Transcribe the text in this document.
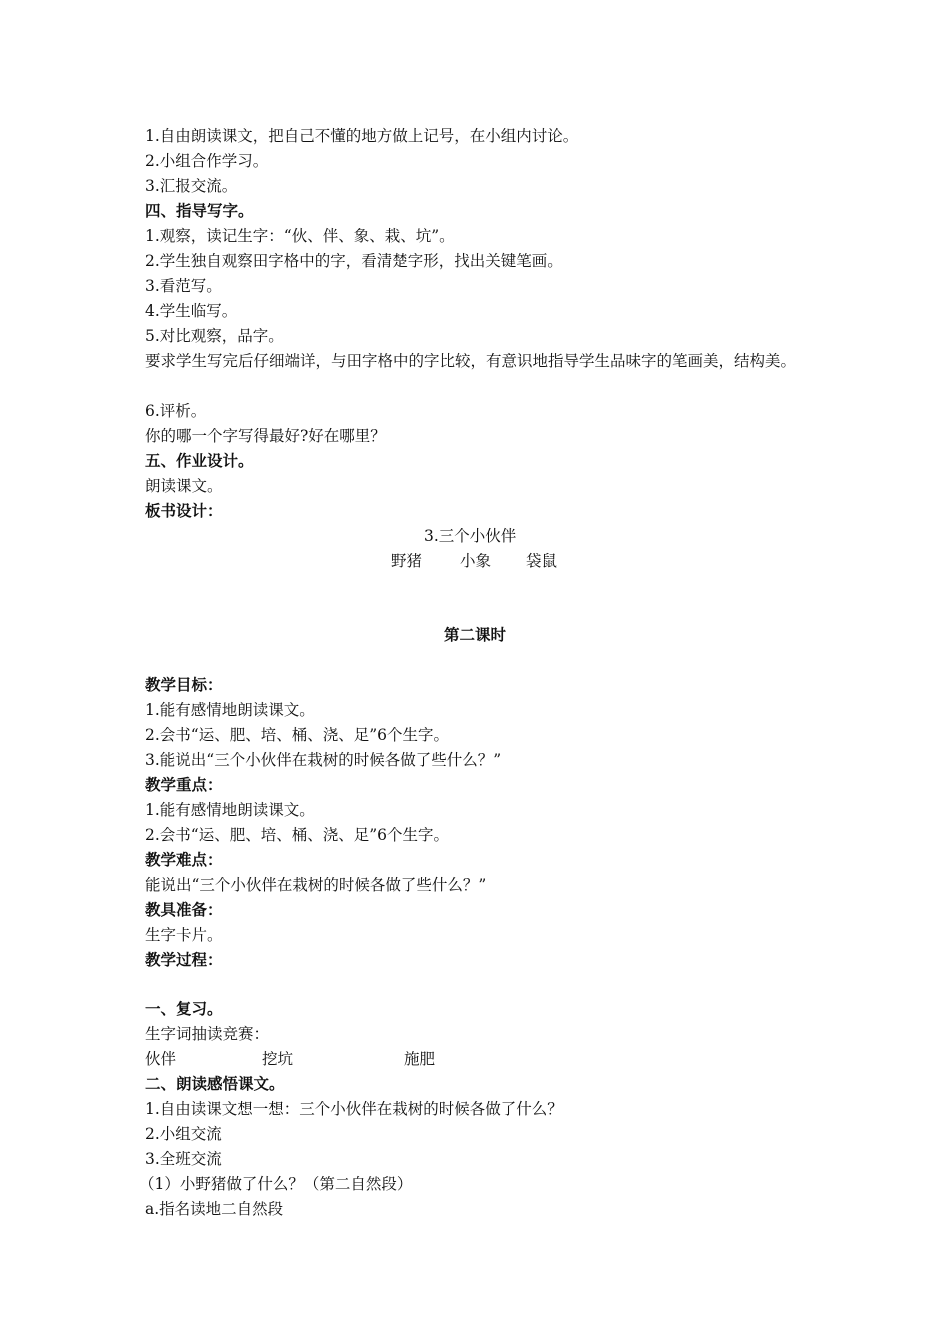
1.自由朗读课文，把自己不懂的地方做上记号，在小组内讨论。
2.小组合作学习。
3.汇报交流。
四、指导写字。
1.观察，读记生字：“伙、伴、象、栽、坑”。
2.学生独自观察田字格中的字，看清楚字形，找出关键笔画。
3.看范写。
4.学生临写。
5.对比观察，品字。
要求学生写完后仔细端详，与田字格中的字比较，有意识地指导学生品味字的笔画美，结构美。
6.评析。
你的哪一个字写得最好?好在哪里？
五、作业设计。
朗读课文。
板书设计：
3.三个小伙伴
野猪 小象 袋鼠
第二课时
教学目标：
1.能有感情地朗读课文。
2.会书“运、肥、培、桶、浇、足”6个生字。
3.能说出“三个小伙伴在栽树的时候各做了些什么？”
教学重点：
1.能有感情地朗读课文。
2.会书“运、肥、培、桶、浇、足”6个生字。
教学难点：
能说出“三个小伙伴在栽树的时候各做了些什么？”
教具准备：
生字卡片。
教学过程：
一、复习。
生字词抽读竞赛：
伙伴	挖坑	施肥
二、朗读感悟课文。
1.自由读课文想一想：三个小伙伴在栽树的时候各做了什么？
2.小组交流
3.全班交流
（1）小野猪做了什么？（第二自然段）
a.指名读地二自然段
